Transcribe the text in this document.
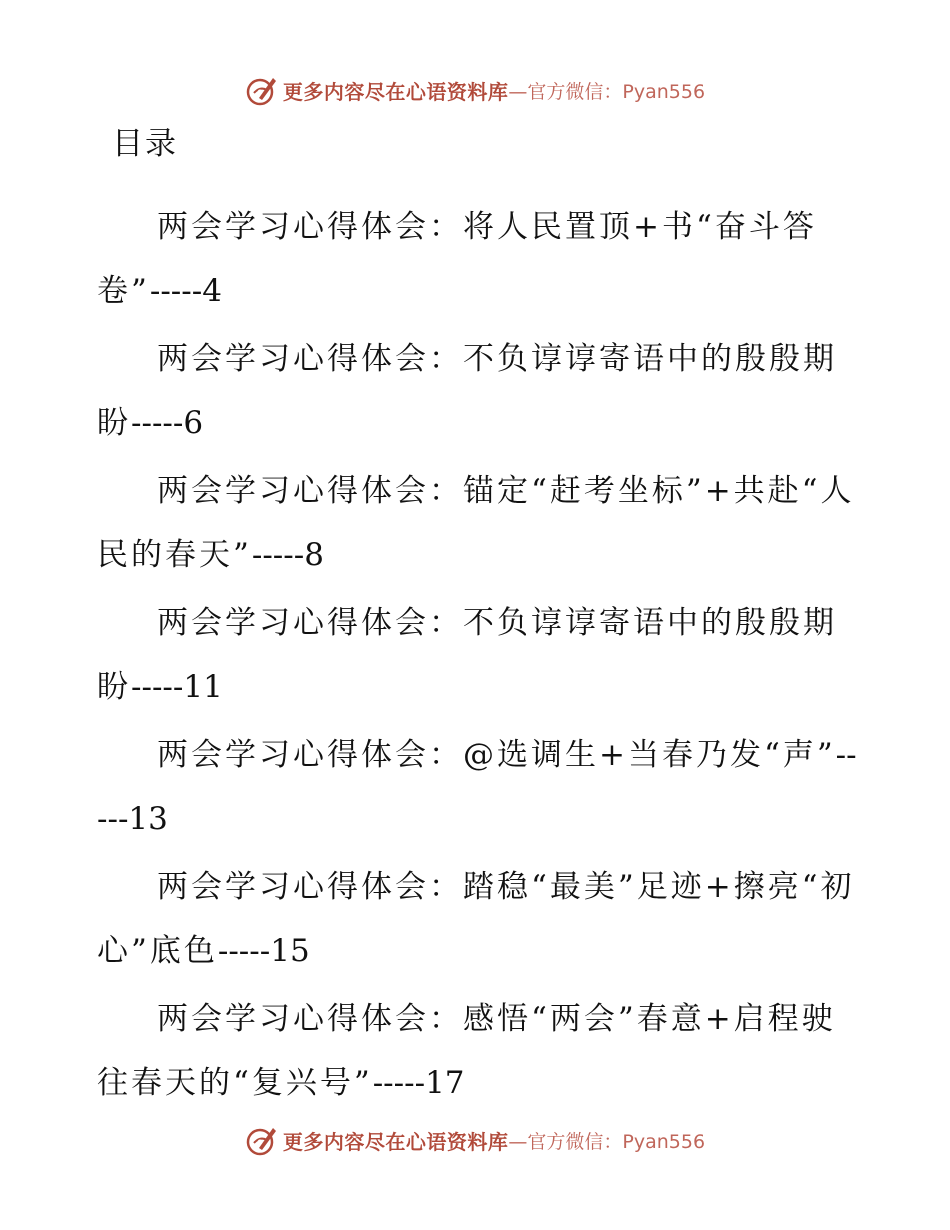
更多内容尽在心语资料库 —官方微信：Pyan556
目录
两会学习心得体会：将人民置顶+书“奋斗答卷”-----4
两会学习心得体会：不负谆谆寄语中的殷殷期盼-----6
两会学习心得体会：锚定“赶考坐标”+共赴“人民的春天”-----8
两会学习心得体会：不负谆谆寄语中的殷殷期盼-----11
两会学习心得体会：@选调生+当春乃发“声”-----13
两会学习心得体会：踏稳“最美”足迹+擦亮“初心”底色-----15
两会学习心得体会：感悟“两会”春意+启程驶往春天的“复兴号”-----17
更多内容尽在心语资料库 —官方微信：Pyan556
